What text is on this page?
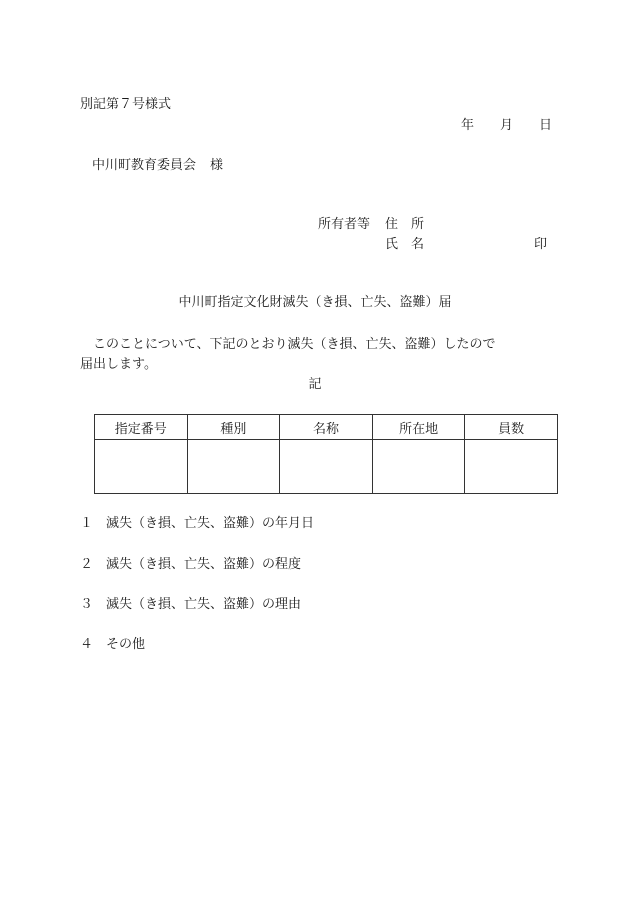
別記第７号様式
年 月 日
中川町教育委員会 様
所有者等 住　所
氏　名	印
中川町指定文化財滅失（き損、亡失、盗難）届
このことについて、下記のとおり滅失（き損、亡失、盗難）したので
届出します。
記
指定番号	種別	名称	所在地	員数

１ 滅失（き損、亡失、盗難）の年月日
２ 滅失（き損、亡失、盗難）の程度
３ 滅失（き損、亡失、盗難）の理由
４ その他
